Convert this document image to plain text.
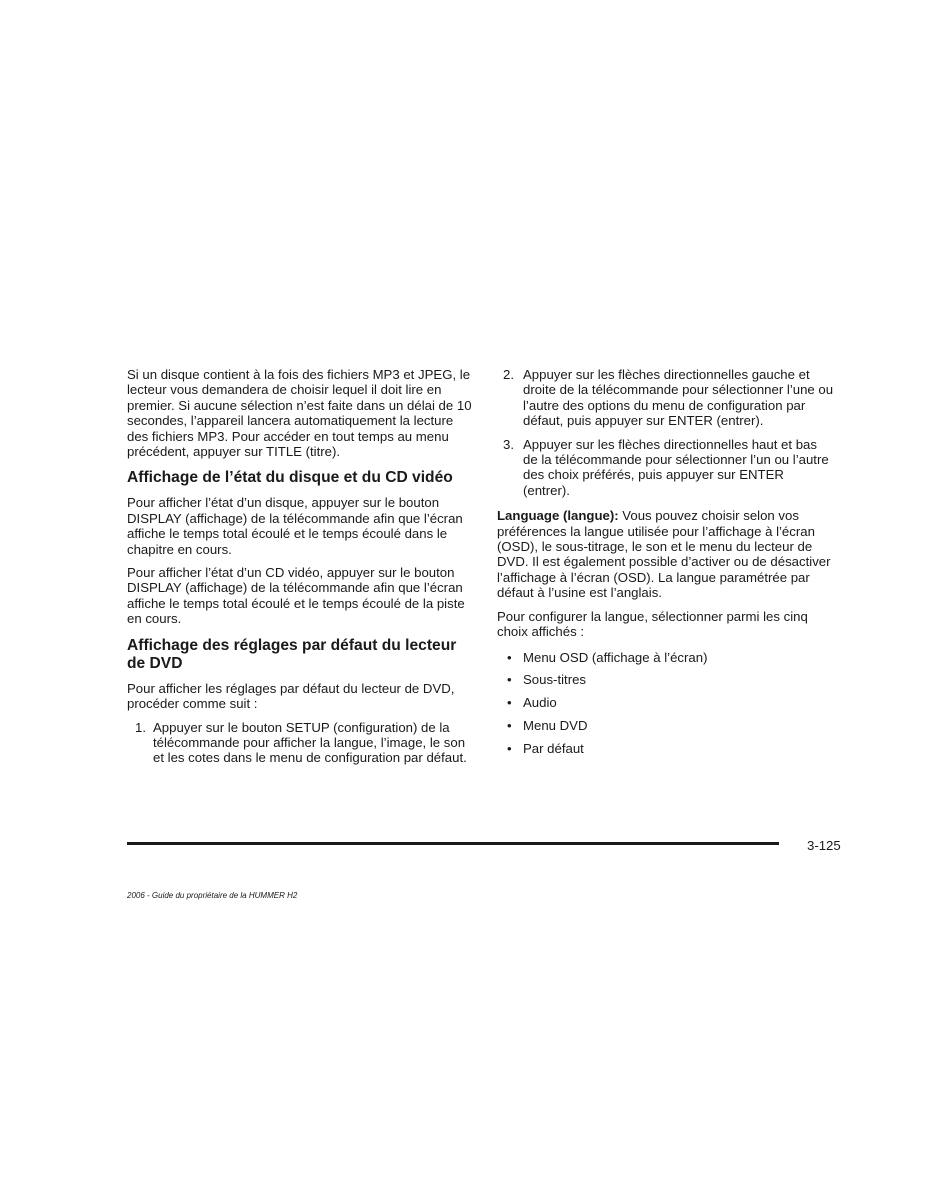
Si un disque contient à la fois des fichiers MP3 et JPEG, le lecteur vous demandera de choisir lequel il doit lire en premier. Si aucune sélection n’est faite dans un délai de 10 secondes, l’appareil lancera automatiquement la lecture des fichiers MP3. Pour accéder en tout temps au menu précédent, appuyer sur TITLE (titre).

Affichage de l’état du disque et du CD vidéo

Pour afficher l’état d’un disque, appuyer sur le bouton DISPLAY (affichage) de la télécommande afin que l’écran affiche le temps total écoulé et le temps écoulé dans le chapitre en cours.

Pour afficher l’état d’un CD vidéo, appuyer sur le bouton DISPLAY (affichage) de la télécommande afin que l’écran affiche le temps total écoulé et le temps écoulé de la piste en cours.

Affichage des réglages par défaut du lecteur de DVD

Pour afficher les réglages par défaut du lecteur de DVD, procéder comme suit :

1. Appuyer sur le bouton SETUP (configuration) de la télécommande pour afficher la langue, l’image, le son et les cotes dans le menu de configuration par défaut.
2. Appuyer sur les flèches directionnelles gauche et droite de la télécommande pour sélectionner l’une ou l’autre des options du menu de configuration par défaut, puis appuyer sur ENTER (entrer).
3. Appuyer sur les flèches directionnelles haut et bas de la télécommande pour sélectionner l’un ou l’autre des choix préférés, puis appuyer sur ENTER (entrer).

Language (langue): Vous pouvez choisir selon vos préférences la langue utilisée pour l’affichage à l’écran (OSD), le sous-titrage, le son et le menu du lecteur de DVD. Il est également possible d’activer ou de désactiver l’affichage à l’écran (OSD). La langue paramétrée par défaut à l’usine est l’anglais.

Pour configurer la langue, sélectionner parmi les cinq choix affichés :

• Menu OSD (affichage à l’écran)
• Sous-titres
• Audio
• Menu DVD
• Par défaut
3-125
2006 - Guide du propriétaire de la HUMMER H2
